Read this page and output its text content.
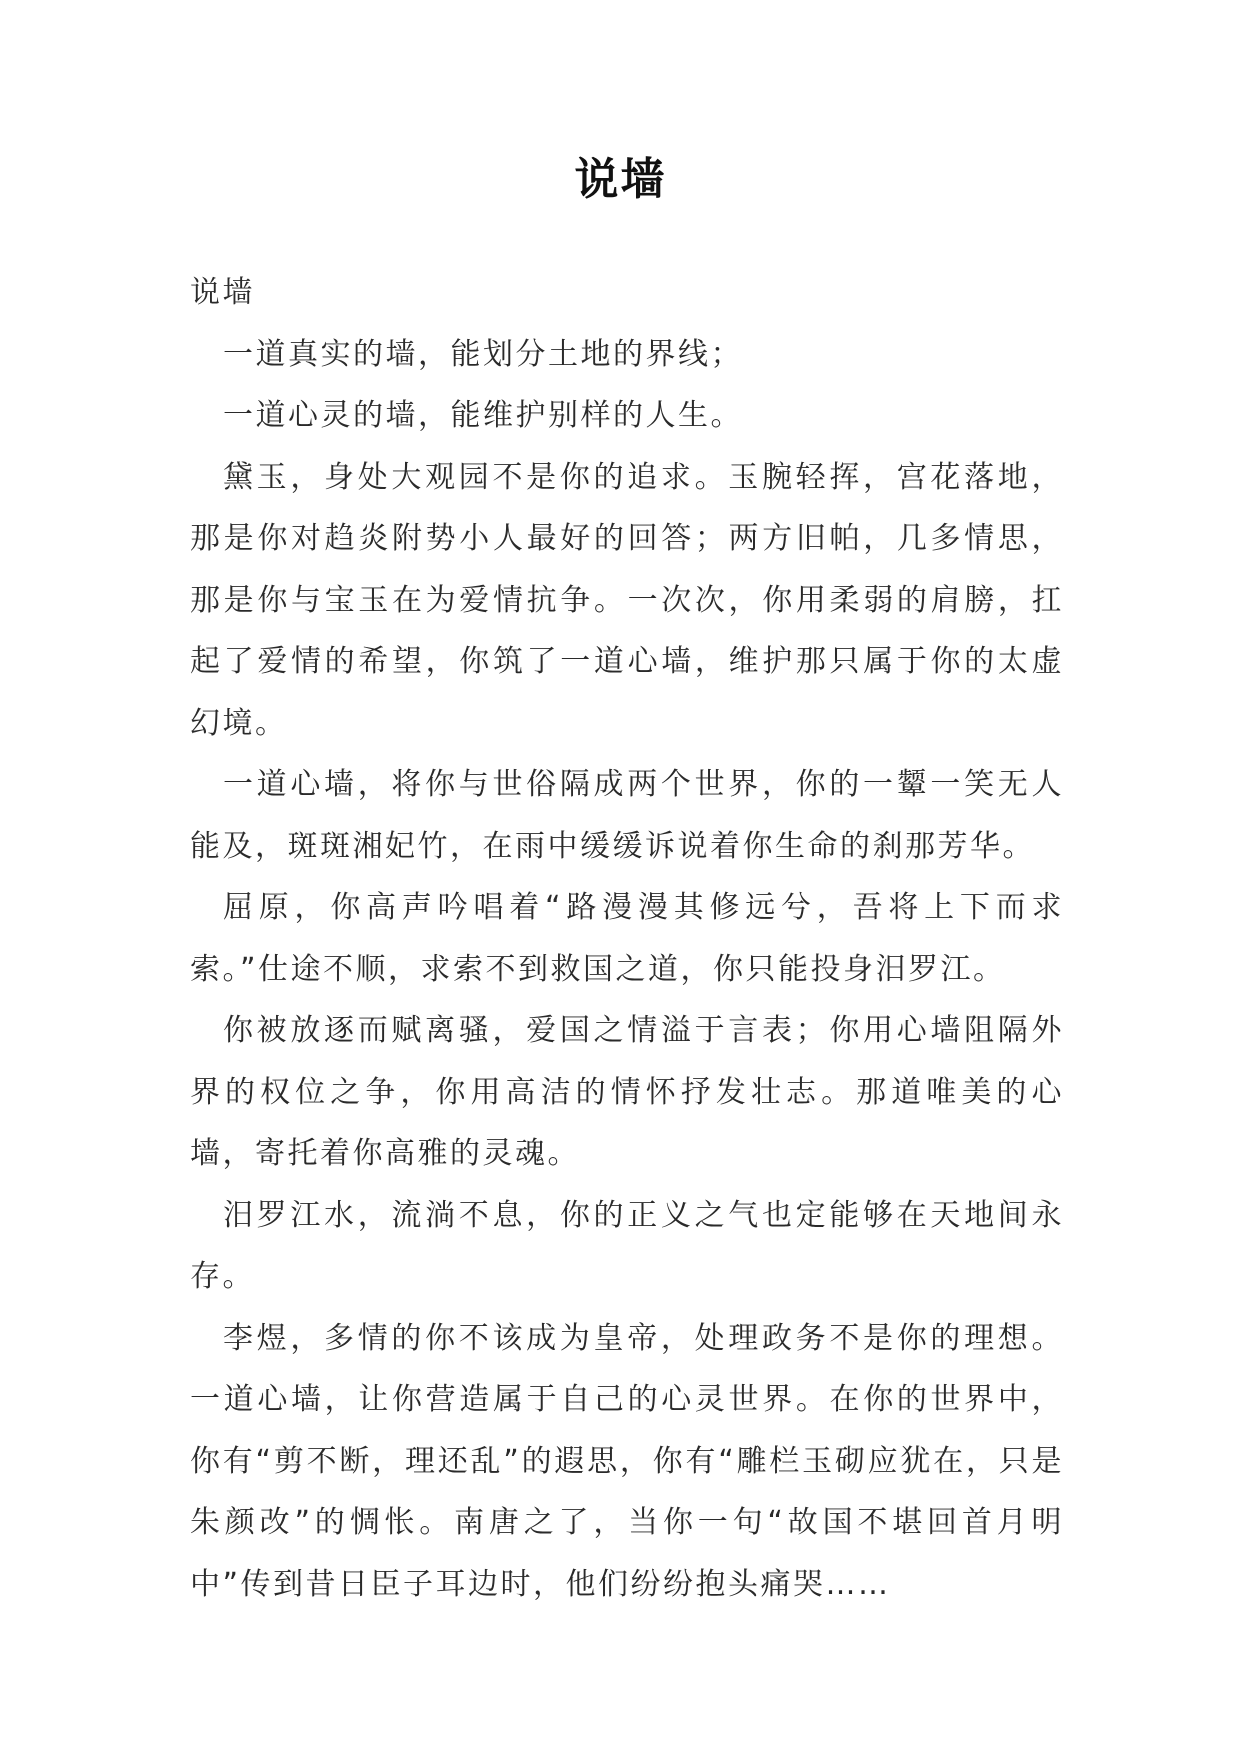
说墙

说墙

一道真实的墙，能划分土地的界线；

一道心灵的墙，能维护别样的人生。

黛玉，身处大观园不是你的追求。玉腕轻挥，宫花落地，那是你对趋炎附势小人最好的回答；两方旧帕，几多情思，那是你与宝玉在为爱情抗争。一次次，你用柔弱的肩膀，扛起了爱情的希望，你筑了一道心墙，维护那只属于你的太虚幻境。

一道心墙，将你与世俗隔成两个世界，你的一颦一笑无人能及，斑斑湘妃竹，在雨中缓缓诉说着你生命的刹那芳华。

屈原，你高声吟唱着“路漫漫其修远兮，吾将上下而求索。”仕途不顺，求索不到救国之道，你只能投身汨罗江。

你被放逐而赋离骚，爱国之情溢于言表；你用心墙阻隔外界的权位之争，你用高洁的情怀抒发壮志。那道唯美的心墙，寄托着你高雅的灵魂。

汨罗江水，流淌不息，你的正义之气也定能够在天地间永存。

李煜，多情的你不该成为皇帝，处理政务不是你的理想。一道心墙，让你营造属于自己的心灵世界。在你的世界中，你有“剪不断，理还乱”的遐思，你有“雕栏玉砌应犹在，只是朱颜改”的惆怅。南唐之了，当你一句“故国不堪回首月明中”传到昔日臣子耳边时，他们纷纷抱头痛哭……
